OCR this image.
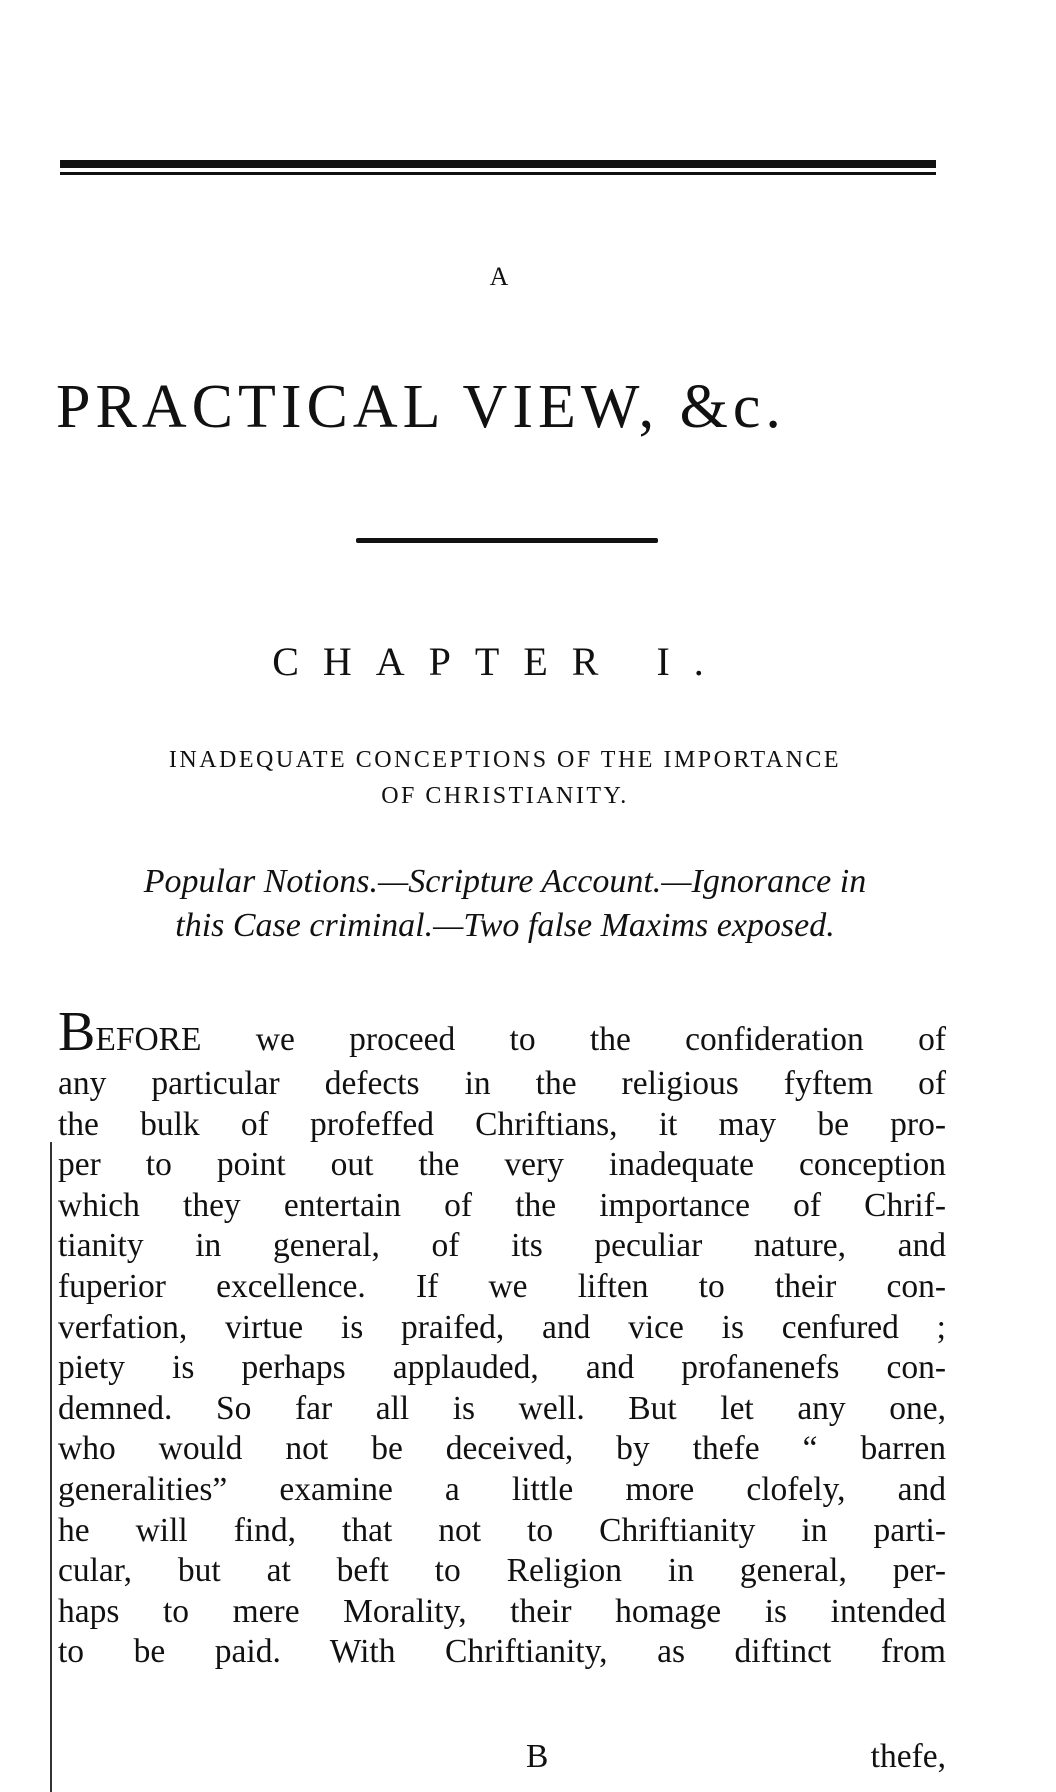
A
PRACTICAL VIEW, &c.
CHAPTER I.
INADEQUATE CONCEPTIONS OF THE IMPORTANCE
OF CHRISTIANITY.
Popular Notions.—Scripture Account.—Ignorance in
this Case criminal.—Two false Maxims exposed.
BEFORE we proceed to the confideration of
any particular defects in the religious fyftem of
the bulk of profeffed Chriftians, it may be pro-
per to point out the very inadequate conception
which they entertain of the importance of Chrif-
tianity in general, of its peculiar nature, and
fuperior excellence. If we liften to their con-
verfation, virtue is praifed, and vice is cenfured ;
piety is perhaps applauded, and profanenefs con-
demned. So far all is well. But let any one,
who would not be deceived, by thefe “ barren
generalities” examine a little more clofely, and
he will find, that not to Chriftianity in parti-
cular, but at beft to Religion in general, per-
haps to mere Morality, their homage is intended
to be paid. With Chriftianity, as diftinct from
B	thefe,
